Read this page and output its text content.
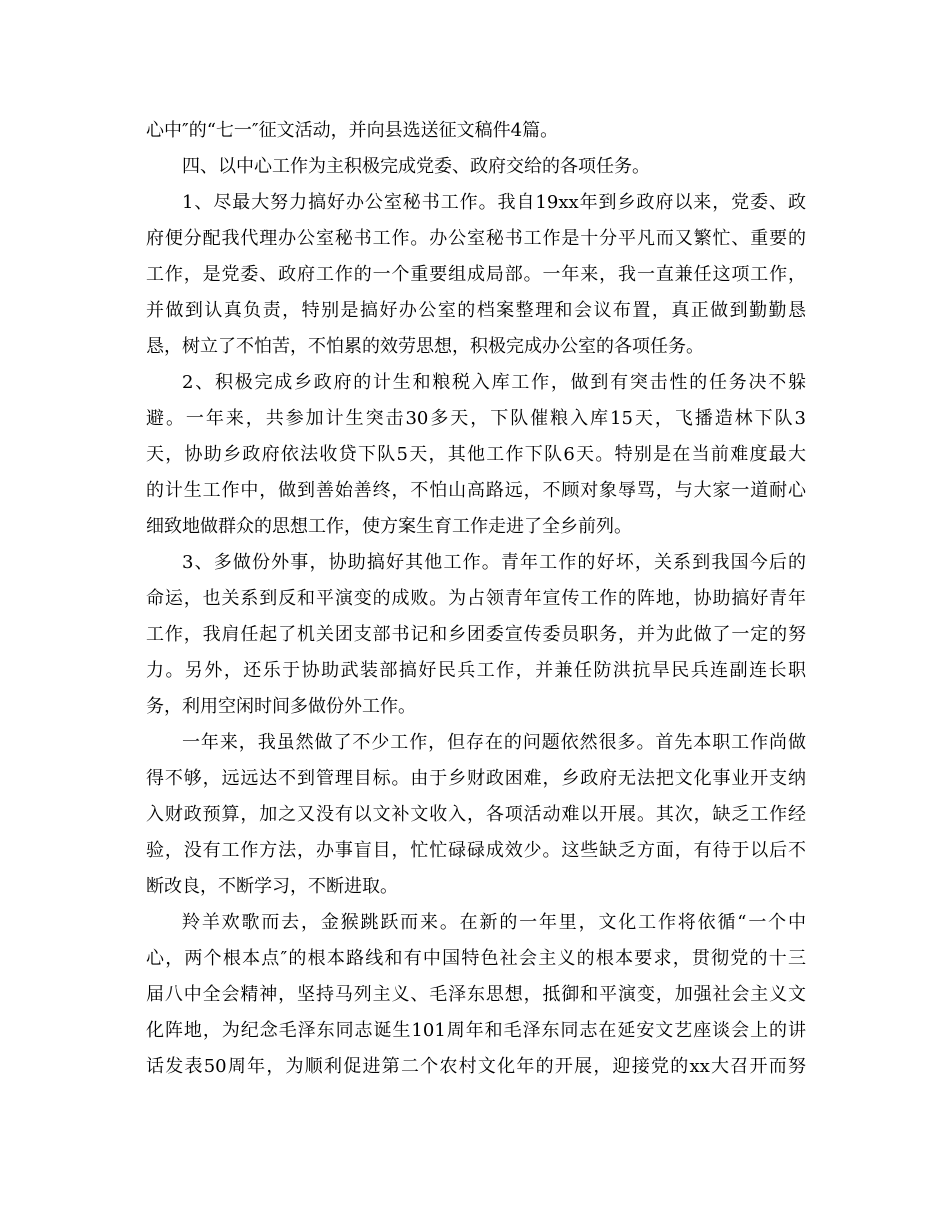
心中″的“七一″征文活动，并向县选送征文稿件4篇。
四、以中心工作为主积极完成党委、政府交给的各项任务。
1、尽最大努力搞好办公室秘书工作。我自19xx年到乡政府以来，党委、政
府便分配我代理办公室秘书工作。办公室秘书工作是十分平凡而又繁忙、重要的
工作，是党委、政府工作的一个重要组成局部。一年来，我一直兼任这项工作，
并做到认真负责，特别是搞好办公室的档案整理和会议布置，真正做到勤勤恳
恳，树立了不怕苦，不怕累的效劳思想，积极完成办公室的各项任务。
2、积极完成乡政府的计生和粮税入库工作，做到有突击性的任务决不躲
避。一年来，共参加计生突击30多天，下队催粮入库15天，飞播造林下队3
天，协助乡政府依法收贷下队5天，其他工作下队6天。特别是在当前难度最大
的计生工作中，做到善始善终，不怕山高路远，不顾对象辱骂，与大家一道耐心
细致地做群众的思想工作，使方案生育工作走进了全乡前列。
3、多做份外事，协助搞好其他工作。青年工作的好坏，关系到我国今后的
命运，也关系到反和平演变的成败。为占领青年宣传工作的阵地，协助搞好青年
工作，我肩任起了机关团支部书记和乡团委宣传委员职务，并为此做了一定的努
力。另外，还乐于协助武装部搞好民兵工作，并兼任防洪抗旱民兵连副连长职
务，利用空闲时间多做份外工作。
一年来，我虽然做了不少工作，但存在的问题依然很多。首先本职工作尚做
得不够，远远达不到管理目标。由于乡财政困难，乡政府无法把文化事业开支纳
入财政预算，加之又没有以文补文收入，各项活动难以开展。其次，缺乏工作经
验，没有工作方法，办事盲目，忙忙碌碌成效少。这些缺乏方面，有待于以后不
断改良，不断学习，不断进取。
羚羊欢歌而去，金猴跳跃而来。在新的一年里，文化工作将依循“一个中
心，两个根本点″的根本路线和有中国特色社会主义的根本要求，贯彻党的十三
届八中全会精神，坚持马列主义、毛泽东思想，抵御和平演变，加强社会主义文
化阵地，为纪念毛泽东同志诞生101周年和毛泽东同志在延安文艺座谈会上的讲
话发表50周年，为顺利促进第二个农村文化年的开展，迎接党的xx大召开而努
